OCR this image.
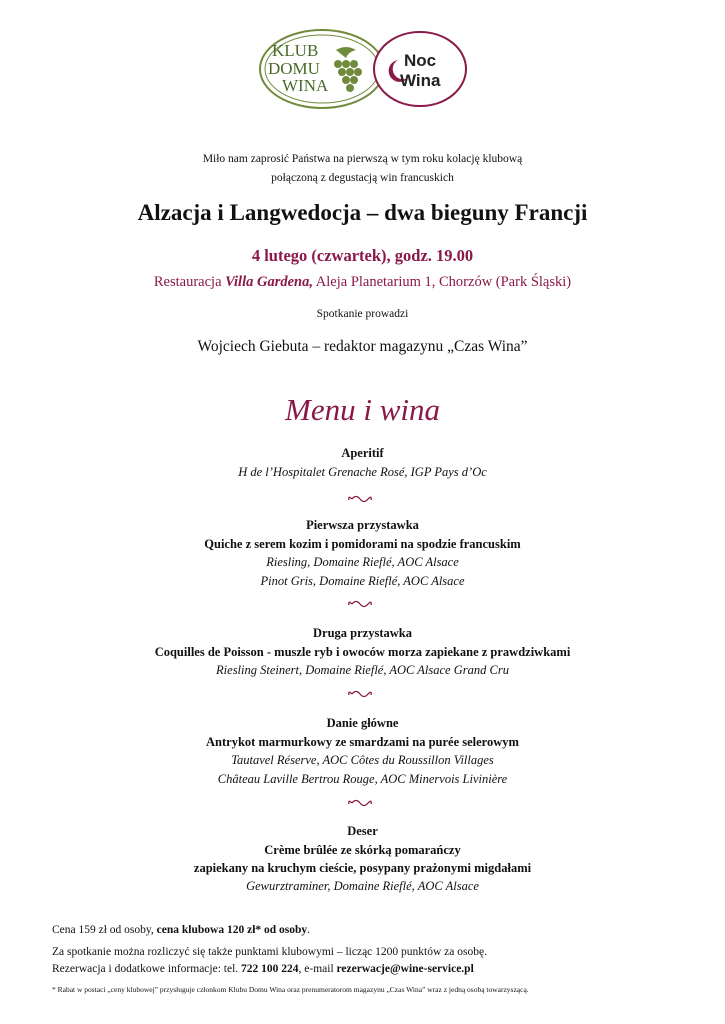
KLUB
DOMU
WINA
Noc
Wina
Miło nam zaprosić Państwa na pierwszą w tym roku kolację klubową
połączoną z degustacją win francuskich
Alzacja i Langwedocja – dwa bieguny Francji
4 lutego (czwartek), godz. 19.00
Restauracja Villa Gardena, Aleja Planetarium 1, Chorzów (Park Śląski)
Spotkanie prowadzi
Wojciech Giebuta – redaktor magazynu „Czas Wina”
Menu i wina
Aperitif
H de l’Hospitalet Grenache Rosé, IGP Pays d’Oc
Pierwsza przystawka
Quiche z serem kozim i pomidorami na spodzie francuskim
Riesling, Domaine Rieflé, AOC Alsace
Pinot Gris, Domaine Rieflé, AOC Alsace
Druga przystawka
Coquilles de Poisson - muszle ryb i owoców morza zapiekane z prawdziwkami
Riesling Steinert, Domaine Rieflé, AOC Alsace Grand Cru
Danie główne
Antrykot marmurkowy ze smardzami na purée selerowym
Tautavel Réserve, AOC Côtes du Roussillon Villages
Château Laville Bertrou Rouge, AOC Minervois Livinière
Deser
Crème brûlée ze skórką pomarańczy
zapiekany na kruchym cieście, posypany prażonymi migdałami
Gewurztraminer, Domaine Rieflé, AOC Alsace
Cena 159 zł od osoby, cena klubowa 120 zł* od osoby.
Za spotkanie można rozliczyć się także punktami klubowymi – licząc 1200 punktów za osobę.
Rezerwacja i dodatkowe informacje: tel. 722 100 224, e-mail rezerwacje@wine-service.pl
* Rabat w postaci „ceny klubowej” przysługuje członkom Klubu Domu Wina oraz prenumeratorom magazynu „Czas Wina” wraz z jedną osobą towarzyszącą.
